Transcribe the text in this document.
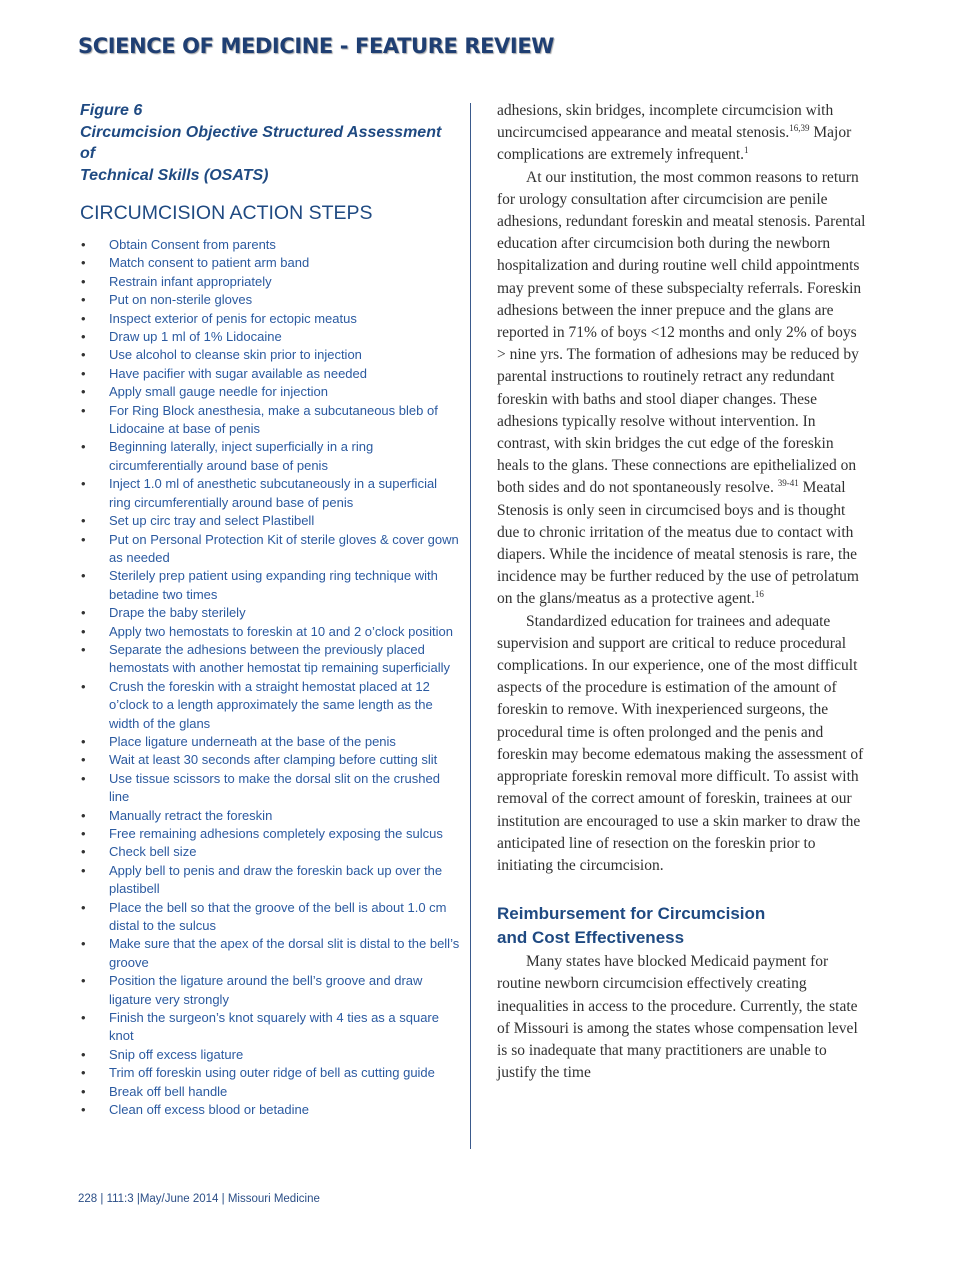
SCIENCE OF MEDICINE - FEATURE REVIEW

Figure 6
Circumcision Objective Structured Assessment of
Technical Skills (OSATS)

CIRCUMCISION ACTION STEPS
• Obtain Consent from parents
• Match consent to patient arm band
• Restrain infant appropriately
• Put on non-sterile gloves
• Inspect exterior of penis for ectopic meatus
• Draw up 1 ml of 1% Lidocaine
• Use alcohol to cleanse skin prior to injection
• Have pacifier with sugar available as needed
• Apply small gauge needle for injection
• For Ring Block anesthesia, make a subcutaneous bleb of Lidocaine at base of penis
• Beginning laterally, inject superficially in a ring circumferentially around base of penis
• Inject 1.0 ml of anesthetic subcutaneously in a superficial ring circumferentially around base of penis
• Set up circ tray and select Plastibell
• Put on Personal Protection Kit of sterile gloves & cover gown as needed
• Sterilely prep patient using expanding ring technique with betadine two times
• Drape the baby sterilely
• Apply two hemostats to foreskin at 10 and 2 o’clock position
• Separate the adhesions between the previously placed hemostats with another hemostat tip remaining superficially
• Crush the foreskin with a straight hemostat placed at 12 o’clock to a length approximately the same length as the width of the glans
• Place ligature underneath at the base of the penis
• Wait at least 30 seconds after clamping before cutting slit
• Use tissue scissors to make the dorsal slit on the crushed line
• Manually retract the foreskin
• Free remaining adhesions completely exposing the sulcus
• Check bell size
• Apply bell to penis and draw the foreskin back up over the plastibell
• Place the bell so that the groove of the bell is about 1.0 cm distal to the sulcus
• Make sure that the apex of the dorsal slit is distal to the bell’s groove
• Position the ligature around the bell’s groove and draw ligature very strongly
• Finish the surgeon’s knot squarely with 4 ties as a square knot
• Snip off excess ligature
• Trim off foreskin using outer ridge of bell as cutting guide
• Break off bell handle
• Clean off excess blood or betadine

adhesions, skin bridges, incomplete circumcision with uncircumcised appearance and meatal stenosis.$^{16,39}$ Major complications are extremely infrequent.$^1$

At our institution, the most common reasons to return for urology consultation after circumcision are penile adhesions, redundant foreskin and meatal stenosis. Parental education after circumcision both during the newborn hospitalization and during routine well child appointments may prevent some of these subspecialty referrals. Foreskin adhesions between the inner prepuce and the glans are reported in 71% of boys <12 months and only 2% of boys > nine yrs. The formation of adhesions may be reduced by parental instructions to routinely retract any redundant foreskin with baths and stool diaper changes. These adhesions typically resolve without intervention. In contrast, with skin bridges the cut edge of the foreskin heals to the glans. These connections are epithelialized on both sides and do not spontaneously resolve. $^{39-41}$ Meatal Stenosis is only seen in circumcised boys and is thought due to chronic irritation of the meatus due to contact with diapers. While the incidence of meatal stenosis is rare, the incidence may be further reduced by the use of petrolatum on the glans/meatus as a protective agent.$^{16}$

Standardized education for trainees and adequate supervision and support are critical to reduce procedural complications. In our experience, one of the most difficult aspects of the procedure is estimation of the amount of foreskin to remove. With inexperienced surgeons, the procedural time is often prolonged and the penis and foreskin may become edematous making the assessment of appropriate foreskin removal more difficult. To assist with removal of the correct amount of foreskin, trainees at our institution are encouraged to use a skin marker to draw the anticipated line of resection on the foreskin prior to initiating the circumcision.

Reimbursement for Circumcision
and Cost Effectiveness

Many states have blocked Medicaid payment for routine newborn circumcision effectively creating inequalities in access to the procedure. Currently, the state of Missouri is among the states whose compensation level is so inadequate that many practitioners are unable to justify the time

228 | 111:3 |May/June 2014 | Missouri Medicine
